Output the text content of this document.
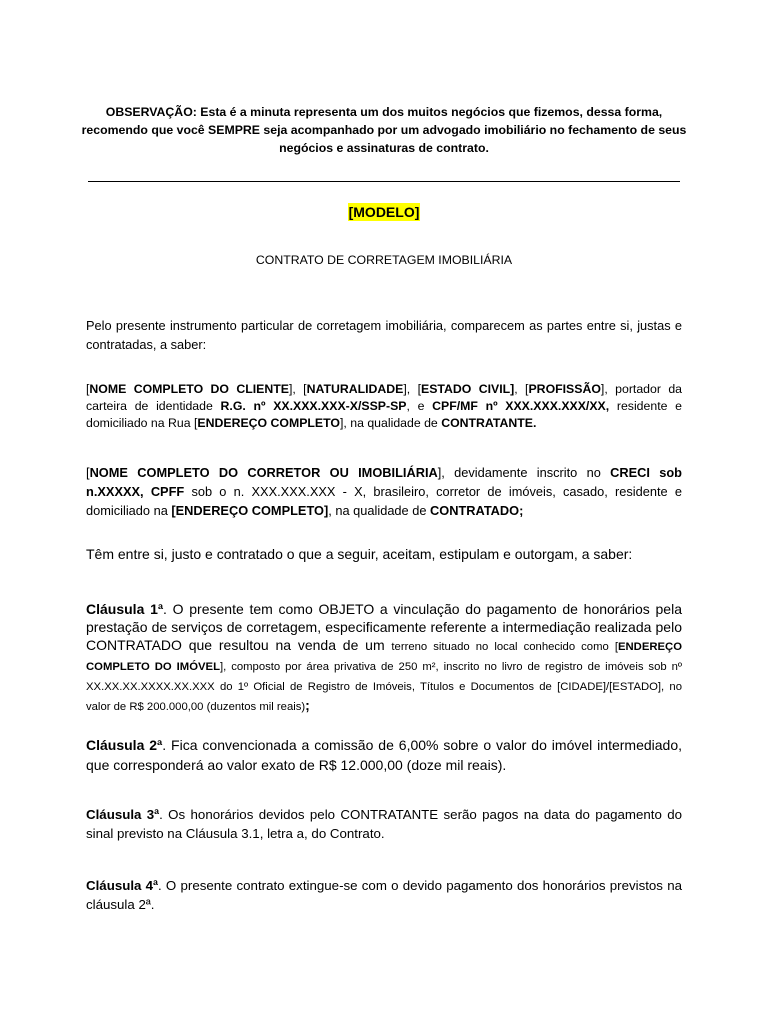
OBSERVAÇÃO: Esta é a minuta representa um dos muitos negócios que fizemos, dessa forma, recomendo que você SEMPRE seja acompanhado por um advogado imobiliário no fechamento de seus negócios e assinaturas de contrato.
[MODELO]
CONTRATO DE CORRETAGEM IMOBILIÁRIA
Pelo presente instrumento particular de corretagem imobiliária, comparecem as partes entre si, justas e contratadas, a saber:
[NOME COMPLETO DO CLIENTE], [NATURALIDADE], [ESTADO CIVIL], [PROFISSÃO], portador da carteira de identidade R.G. nº XX.XXX.XXX-X/SSP-SP, e CPF/MF nº XXX.XXX.XXX/XX, residente e domiciliado na Rua [ENDEREÇO COMPLETO], na qualidade de CONTRATANTE.
[NOME COMPLETO DO CORRETOR OU IMOBILIÁRIA], devidamente inscrito no CRECI sob n.XXXXX, CPFF sob o n. XXX.XXX.XXX - X, brasileiro, corretor de imóveis, casado, residente e domiciliado na [ENDEREÇO COMPLETO], na qualidade de CONTRATADO;
Têm entre si, justo e contratado o que a seguir, aceitam, estipulam e outorgam, a saber:
Cláusula 1ª. O presente tem como OBJETO a vinculação do pagamento de honorários pela prestação de serviços de corretagem, especificamente referente a intermediação realizada pelo CONTRATADO que resultou na venda de um terreno situado no local conhecido como [ENDEREÇO COMPLETO DO IMÓVEL], composto por área privativa de 250 m², inscrito no livro de registro de imóveis sob nº XX.XX.XX.XXXX.XX.XXX do 1º Oficial de Registro de Imóveis, Títulos e Documentos de [CIDADE]/[ESTADO], no valor de R$ 200.000,00 (duzentos mil reais);
Cláusula 2ª. Fica convencionada a comissão de 6,00% sobre o valor do imóvel intermediado, que corresponderá ao valor exato de R$ 12.000,00 (doze mil reais).
Cláusula 3ª. Os honorários devidos pelo CONTRATANTE serão pagos na data do pagamento do sinal previsto na Cláusula 3.1, letra a, do Contrato.
Cláusula 4ª. O presente contrato extingue-se com o devido pagamento dos honorários previstos na cláusula 2ª.
